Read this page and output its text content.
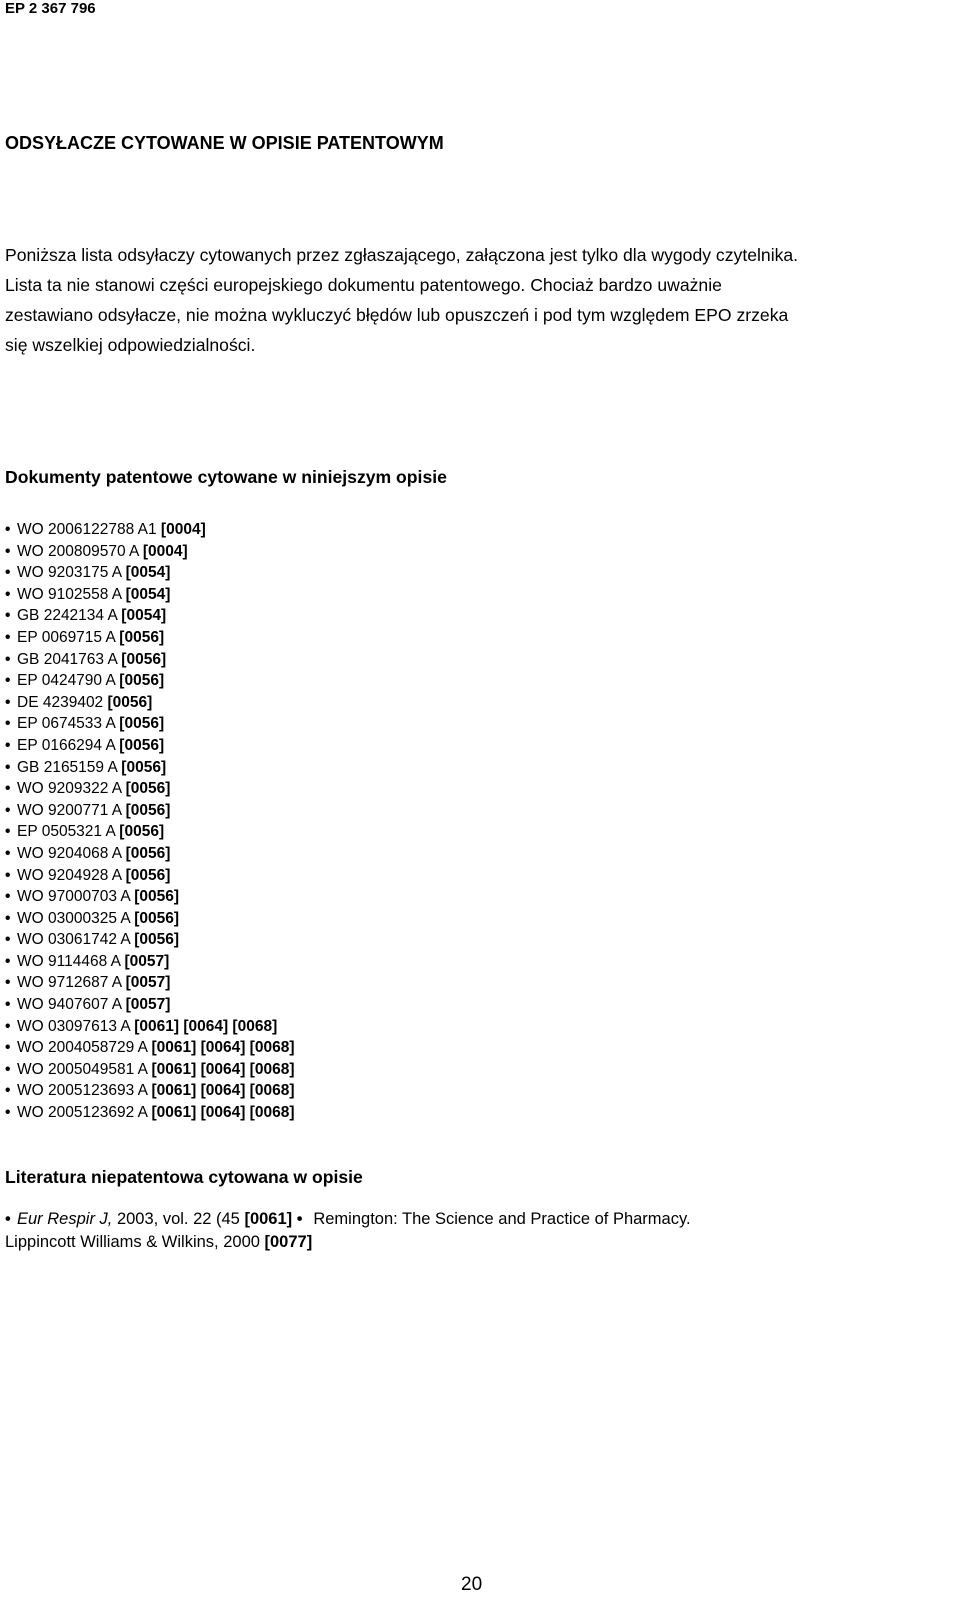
EP 2 367 796
ODSYŁACZE CYTOWANE W OPISIE PATENTOWYM
Poniższa lista odsyłaczy cytowanych przez zgłaszającego, załączona jest tylko dla wygody czytelnika.
Lista ta nie stanowi części europejskiego dokumentu patentowego. Chociaż bardzo uważnie
zestawiano odsyłacze, nie można wykluczyć błędów lub opuszczeń i pod tym względem EPO zrzeka
się wszelkiej odpowiedzialności.
Dokumenty patentowe cytowane w niniejszym opisie
• WO 2006122788 A1 [0004]
• WO 200809570 A [0004]
• WO 9203175 A [0054]
• WO 9102558 A [0054]
• GB 2242134 A [0054]
• EP 0069715 A [0056]
• GB 2041763 A [0056]
• EP 0424790 A [0056]
• DE 4239402 [0056]
• EP 0674533 A [0056]
• EP 0166294 A [0056]
• GB 2165159 A [0056]
• WO 9209322 A [0056]
• WO 9200771 A [0056]
• EP 0505321 A [0056]
• WO 9204068 A [0056]
• WO 9204928 A [0056]
• WO 97000703 A [0056]
• WO 03000325 A [0056]
• WO 03061742 A [0056]
• WO 9114468 A [0057]
• WO 9712687 A [0057]
• WO 9407607 A [0057]
• WO 03097613 A [0061] [0064] [0068]
• WO 2004058729 A [0061] [0064] [0068]
• WO 2005049581 A [0061] [0064] [0068]
• WO 2005123693 A [0061] [0064] [0068]
• WO 2005123692 A [0061] [0064] [0068]
Literatura niepatentowa cytowana w opisie
• Eur Respir J, 2003, vol. 22 (45 [0061] • Remington: The Science and Practice of Pharmacy.
Lippincott Williams & Wilkins, 2000 [0077]
20
